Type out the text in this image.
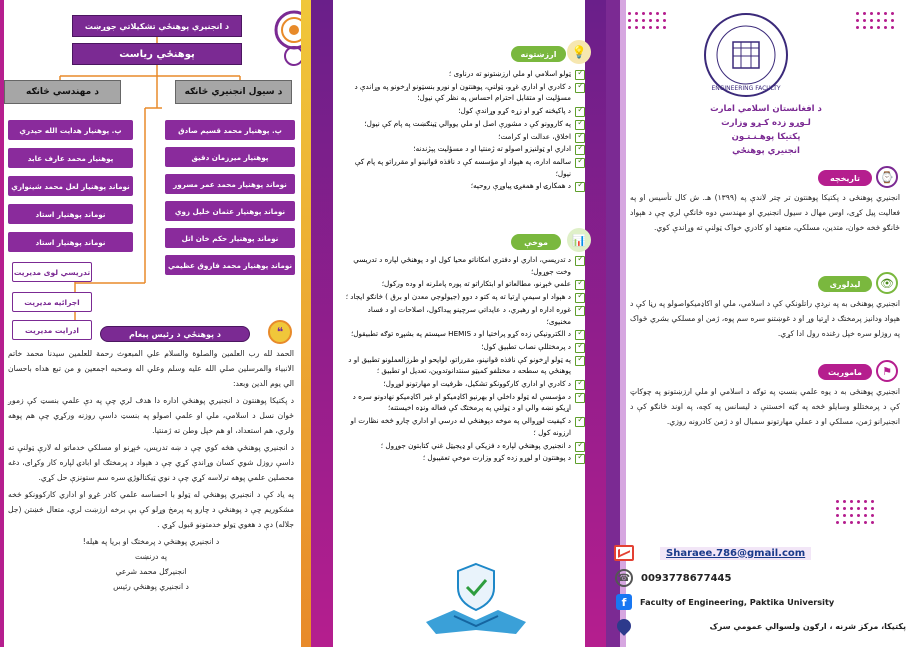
د انجنيري پوهنځي تشکيلاتي جوړښت
پوهنځي رياست
د مهندسي څانګه	د سيول انجنيري څانګه
پ. پوهنيار هدايت الله حيدري
پوهنيار محمد عارف عابد
نوماند پوهنيار لعل محمد شينواري
نوماند پوهنيار استاد
نوماند پوهنيار استاد
پ. پوهنيار محمد قسيم صادق
پوهنيار ميرزمان دقيق
نوماند پوهنيار محمد عمر مسرور
نوماند پوهنيار عثمان خليل زوي
نوماند پوهنيار حکم خان اتل
نوماند پوهنيار محمد فاروق عظيمي
تدريسي لوی مديريت
اجرائيه مديريت
ادرايت مديريت	د پوهنځي د رئيس پيغام	❝

الحمد لله رب العلمين والصلوة والسلام علي المبعوث رحمة للعلمين سيدنا محمد خاتم الانبياء والمرسلين صلي الله عليه وسلم وعلي اله وصحبه اجمعين و من تبع هداه باحسان الي يوم الدين وبعد:

د پکتيکا پوهنتون د انجنيري پوهنځي اداره دا هدف لري چې په دې علمي بنسټ کې زموږ ځوان نسل د اسلامي، ملي او علمي اصولو په بنسټ داسې روزنه ورکړي چې هم پوهه ولري، هم استعداد، او هم خپل وطن ته ژمنتيا.

د انجنيري پوهنځي هڅه کوي چې د ښه تدريس، څېړنو او مسلکي خدماتو له لارې ټولنې ته داسې روزل شوي کسان وړاندې کړي چې د هېواد د پرمختګ او ابادۍ لپاره کار وکړای، دغه محصلين علمي پوهه ترلاسه کړي چې د نوي ټيکنالوژۍ سره سم ستونزې حل کړي.

په ياد کې د انجنيري پوهنځي له ټولو با احساسه علمي کادر غړو او اداري کارکوونکو څخه مشکوريم چې د پوهنځي د چارو په پرمخ وړلو کې بې برخه ارزښت لري، متعال څښتن (جل جلاله) دې د هغوي ټولو خدمتونو قبول کړي .

د انجنيري پوهنځي د پرمختګ او بريا په هيله!

په درنښت

انجنيرګل محمد شرعي

د انجنيري پوهنځي رئيس

ارزښتونه	💡
ټولو اسلامي او ملي ارزښتونو ته درناوی ؛ ✓
د کادري او اداري غړو، ټولنې، پوهنتون او نورو بنسټونو اړخونو په وړاندې د مسؤليت او متقابل احترام احساس په نظر کې نيول؛ ✓
د پاکيڅنه کړو او زړه کړو وړاندې کول؛ ✓
په کاروونو کې د مشورې اصل او ملي يووالي ټينګښت په پام کې نيول؛ ✓
اخلاق، عدالت او کرامت؛ ✓
اداري او ټولنيزو اصولو ته ژمنتيا او د مسؤليت پېژندنه؛ ✓
سالمه اداره، په هېواد او مؤسسه کې د نافذه قوانينو او مقرراتو په پام کې نيول؛ ✓
د همکارۍ او همغږۍ پياوړې روحيه؛ ✓
موخې	📊
د تدريسي، اداري او دفتري امکاناتو محيا کول او د پوهنځي لپاره د تدريسي وخت جوړول؛ ✓
علمي څېړنو، مطالعاتو او ابتکاراتو ته پوره پاملرنه او وده ورکول؛ ✓
د هېواد او سيمې اړتيا ته په کتو د دوو (جيولوجي معدن او برق ) څانګو ايجاد ؛ ✓
غوره اداره او رهبري، د عايداتي سرچينو پيداکول، اصلاحات او د فساد مخنيوی؛ ✓
د الکترونيکي زده کړو پراختيا او د HEMIS سيستم په بشپړه توګه تطبيقول؛ ✓
د پرمختللې نصاب تطبيق کول؛ ✓
په ټولو اړخونو کې نافذه قوانينو، مقرراتو، لوايحو او طرزالعملونو تطبيق او د پوهنځي په سطحه د مختلفو کميټو سنتدانوتدوين، تعديل او تطبيق ؛ ✓
د کادري او اداري کارکوونکو تشکيل، ظرفيت او مهارتونو لوړول؛ ✓
د مؤسسې له ټولو داخلي او بهرنيو اکاډميکو او غير اکاډميکو نهادونو سره د اړيکو نښه والي او د ټولنې په پرمختګ کې فعاله ونډه اخيستنه؛ ✓
د کيفيت لوړوالي په موخه دپوهنځي له درسي او اداري چارو څخه نظارت او ارزونه کول ؛ ✓
د انجنيري پوهنځي لپاره د فزيکي او ډيجيټل غني کتابتون جوړول ؛ ✓
د پوهنتون او لوړو زده کړو وزارت موخې تعقيبول ؛ ✓
ENGINEERING FACULTY
د افغانستان اسلامي امارت
لـوړو زده کـړو وزارت
پکتيکا پوهـنـتـون
انجنيري پوهنځي
⌚
تاريخچه
انجنيري پوهنځی د پکتيکا پوهنتون تر چتر لاندې په (۱۳۹۹) هـ. ش کال تأسيس او په فعاليت پيل کړی، اوس مهال د سيول انجنيري او مهندسي دوه څانګې لري چې د هېواد ځانګو څخه خوان، متدين، مسلکي، متعهد او کادري خواک ټولنې ته وړاندې کوي.
👁
ليدلوری
انجنيري پوهنځی به په نږدې راتلونکي کې د اسلامي، ملي او اکاډميکواصولو په رڼا کې د هېواد ودانيز پرمختګ د اړتيا وړ او د غوښتنو سره سم پوه، ژمن او مسلکي بشري ځواک په روزلو سره خپل رغنده رول ادا کړي.
⚑
ماموريت
انجنيري پوهنځی به د يوه علمي بنسټ په توګه د اسلامي او ملي ارزښتونو په چوکاټ کې د پرمختللو وسايلو څخه په ګټه اخستنې د ليسانس په کچه، په اوند ځانګو کې د انجنيرانو ژمن، مسلکي او د عملي مهارتونو سمبال او د ژمن کادرونه روزي.
Sharaee.786@gmail.com
☎ 0093778677445
f	Faculty of Engineering, Paktika University
پکتيکا، مرکز شرنه ، ارګون ولسوالي عمومي سرک
